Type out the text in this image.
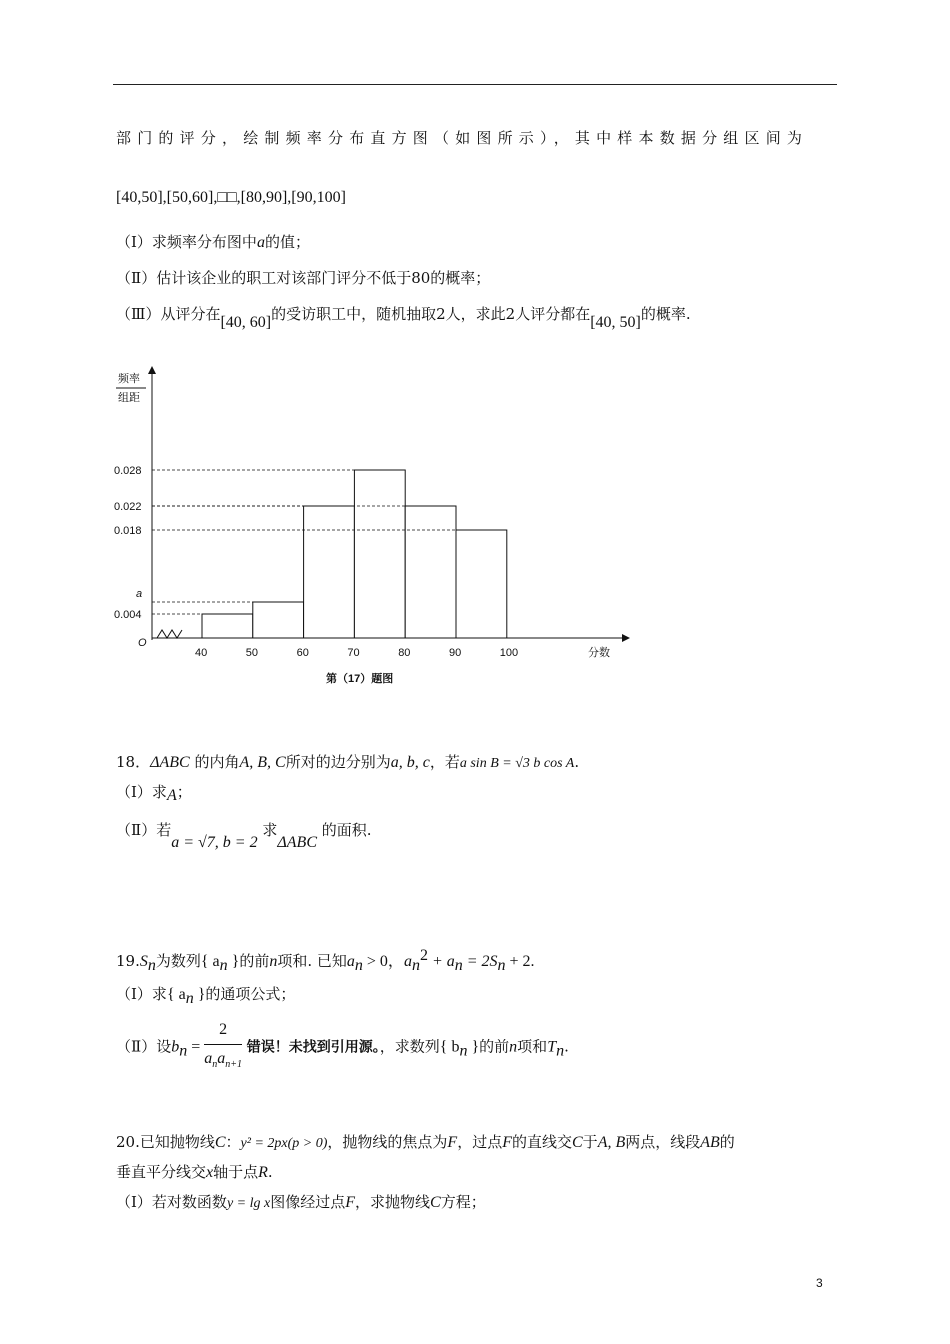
部门的评分，绘制频率分布直方图（如图所示），其中样本数据分组区间为
[40,50],[50,60],□□,[80,90],[90,100]
（Ⅰ）求频率分布图中a的值；
（Ⅱ）估计该企业的职工对该部门评分不低于80的概率；
（Ⅲ）从评分在[40, 60]的受访职工中，随机抽取2人，求此2人评分都在[40, 50]的概率.
频率
组距
O
a
40	50	60	70	80	90	100
0.004
0.018
0.022
0.028
分数
第（17）题图
18．ΔABC 的内角A, B, C所对的边分别为a, b, c，若a sin B = √3 b cos A.
（Ⅰ）求A；
（Ⅱ）若a = √7, b = 2 求ΔABC 的面积.
$19.S_n$为数列{ $a_n$ }的前n项和. 已知$a_n > 0$，$a_n^2 + a_n = 2S_n + 2$.
（Ⅰ）求{ $a_n$ }的通项公式；
（Ⅱ）设$b_n = \frac{2}{a_na_{n+1}}$ 错误！未找到引用源。，求数列{ $b_n$ }的前n项和$T_n$.
20.已知抛物线C：y² = 2px(p > 0)，抛物线的焦点为F，过点F的直线交C于A, B两点，线段AB的
垂直平分线交x轴于点R.
（Ⅰ）若对数函数y = lg x图像经过点F，求抛物线C方程；
3
